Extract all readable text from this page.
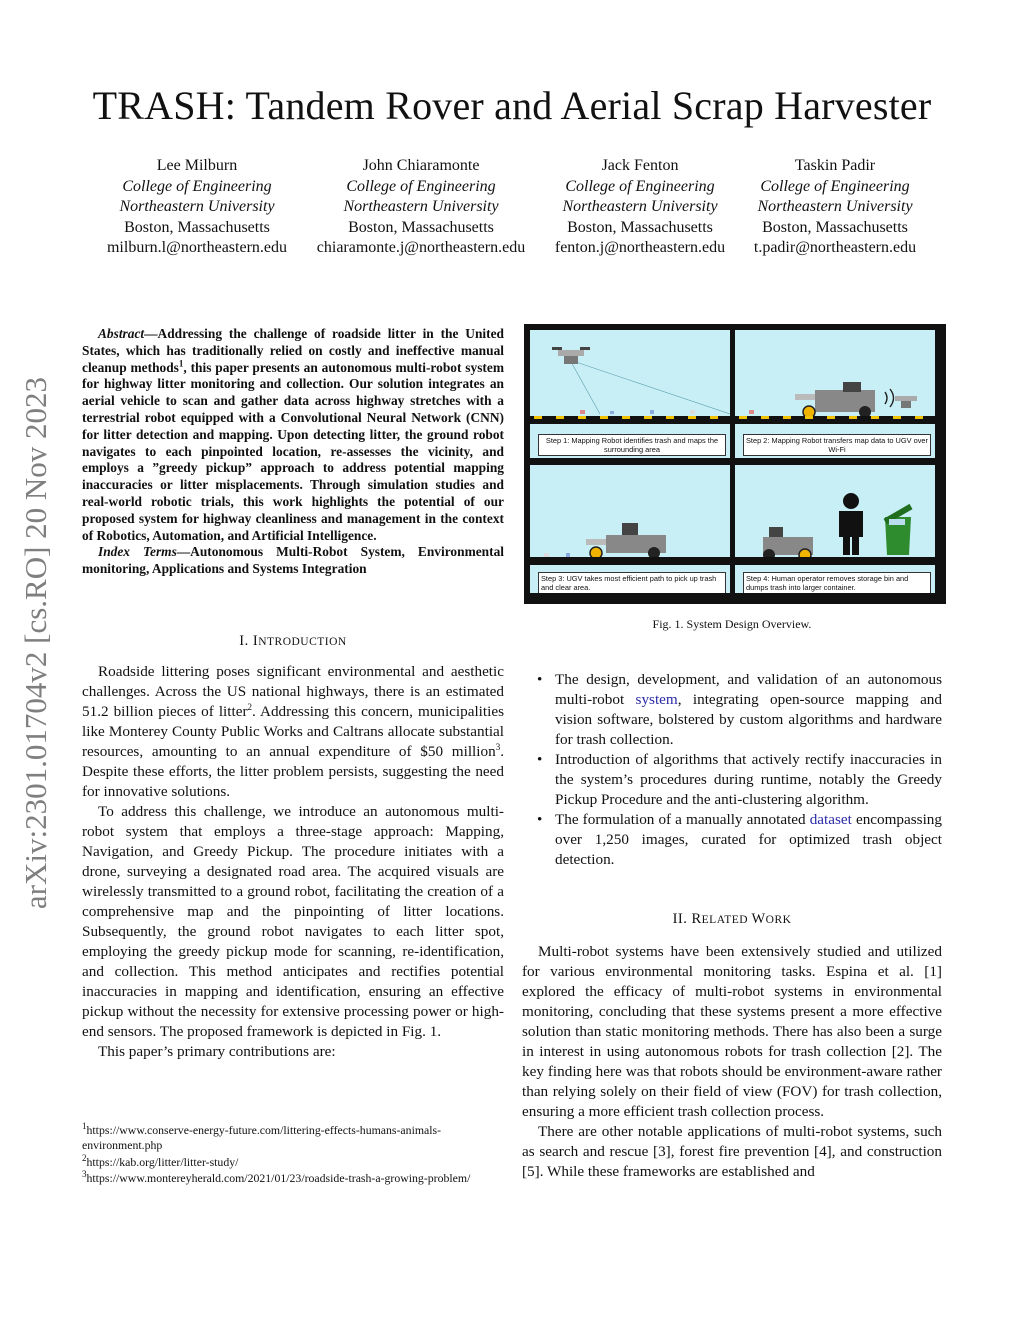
TRASH: Tandem Rover and Aerial Scrap Harvester
Lee Milburn
College of Engineering
Northeastern University
Boston, Massachusetts
milburn.l@northeastern.edu
John Chiaramonte
College of Engineering
Northeastern University
Boston, Massachusetts
chiaramonte.j@northeastern.edu
Jack Fenton
College of Engineering
Northeastern University
Boston, Massachusetts
fenton.j@northeastern.edu
Taskin Padir
College of Engineering
Northeastern University
Boston, Massachusetts
t.padir@northeastern.edu
arXiv:2301.01704v2 [cs.RO] 20 Nov 2023
Abstract—Addressing the challenge of roadside litter in the United States, which has traditionally relied on costly and ineffective manual cleanup methods$^1$, this paper presents an autonomous multi-robot system for highway litter monitoring and collection. Our solution integrates an aerial vehicle to scan and gather data across highway stretches with a terrestrial robot equipped with a Convolutional Neural Network (CNN) for litter detection and mapping. Upon detecting litter, the ground robot navigates to each pinpointed location, re-assesses the vicinity, and employs a ”greedy pickup” approach to address potential mapping inaccuracies or litter misplacements. Through simulation studies and real-world robotic trials, this work highlights the potential of our proposed system for highway cleanliness and management in the context of Robotics, Automation, and Artificial Intelligence.
Index Terms—Autonomous Multi-Robot System, Environmental monitoring, Applications and Systems Integration
I. INTRODUCTION

Roadside littering poses significant environmental and aesthetic challenges. Across the US national highways, there is an estimated 51.2 billion pieces of litter$^2$. Addressing this concern, municipalities like Monterey County Public Works and Caltrans allocate substantial resources, amounting to an annual expenditure of $50 million$^3$. Despite these efforts, the litter problem persists, suggesting the need for innovative solutions.

To address this challenge, we introduce an autonomous multi-robot system that employs a three-stage approach: Mapping, Navigation, and Greedy Pickup. The procedure initiates with a drone, surveying a designated road area. The acquired visuals are wirelessly transmitted to a ground robot, facilitating the creation of a comprehensive map and the pinpointing of litter locations. Subsequently, the ground robot navigates to each litter spot, employing the greedy pickup mode for scanning, re-identification, and collection. This method anticipates and rectifies potential inaccuracies in mapping and identification, ensuring an effective pickup without the necessity for extensive processing power or high-end sensors. The proposed framework is depicted in Fig. 1.

This paper’s primary contributions are:

$^1$https://www.conserve-energy-future.com/littering-effects-humans-animals-environment.php
$^2$https://kab.org/litter/litter-study/
$^3$https://www.montereyherald.com/2021/01/23/roadside-trash-a-growing-problem/
Step 1: Mapping Robot identifies trash and maps the surrounding area
Step 2: Mapping Robot transfers map data to UGV over Wi-Fi
Step 3: UGV takes most efficient path to pick up trash and clear area.
Step 4: Human operator removes storage bin and dumps trash into larger container.
Fig. 1. System Design Overview.
• The design, development, and validation of an autonomous multi-robot system, integrating open-source mapping and vision software, bolstered by custom algorithms and hardware for trash collection.
• Introduction of algorithms that actively rectify inaccuracies in the system’s procedures during runtime, notably the Greedy Pickup Procedure and the anti-clustering algorithm.
• The formulation of a manually annotated dataset encompassing over 1,250 images, curated for optimized trash object detection.
II. RELATED WORK

Multi-robot systems have been extensively studied and utilized for various environmental monitoring tasks. Espina et al. [1] explored the efficacy of multi-robot systems in environmental monitoring, concluding that these systems present a more effective solution than static monitoring methods. There has also been a surge in interest in using autonomous robots for trash collection [2]. The key finding here was that robots should be environment-aware rather than relying solely on their field of view (FOV) for trash collection, ensuring a more efficient trash collection process.

There are other notable applications of multi-robot systems, such as search and rescue [3], forest fire prevention [4], and construction [5]. While these frameworks are established and
